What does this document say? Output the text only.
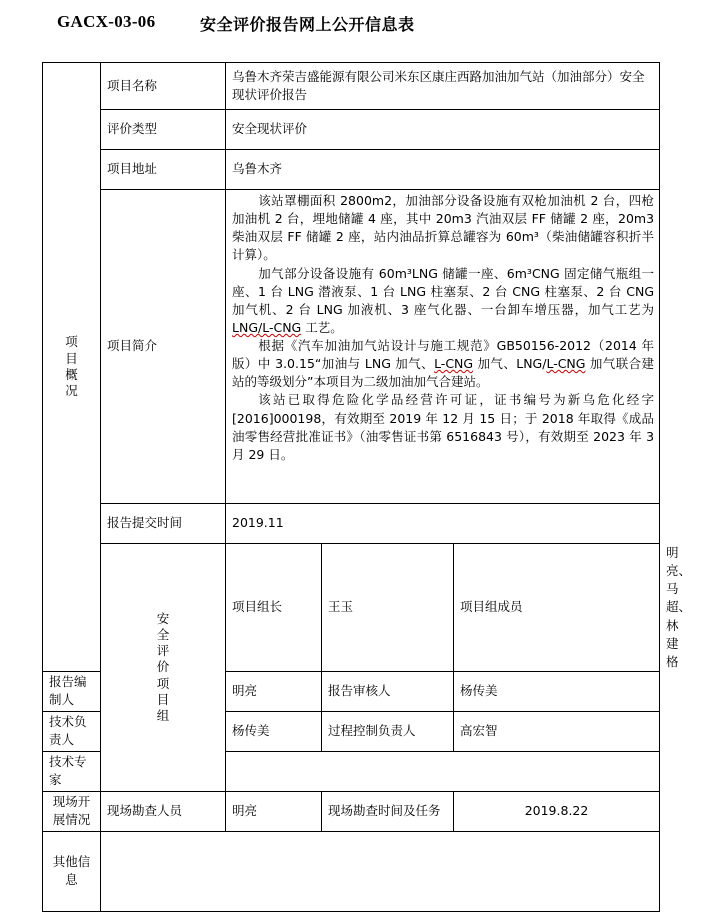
GACX-03-06	安全评价报告网上公开信息表
项目概况	项目名称	乌鲁木齐荣吉盛能源有限公司米东区康庄西路加油加气站（加油部分）安全现状评价报告			
	评价类型	安全现状评价			
	项目地址	乌鲁木齐			
	项目简介	该站罩棚面积 2800m2，加油部分设备设施有双枪加油机 2 台，四枪加油机 2 台，埋地储罐 4 座，其中 20m3 汽油双层 FF 储罐 2 座，20m3 柴油双层 FF 储罐 2 座，站内油品折算总罐容为 60m³（柴油储罐容积折半计算）。

加气部分设备设施有 60m³LNG 储罐一座、6m³CNG 固定储气瓶组一座、1 台 LNG 潜液泵、1 台 LNG 柱塞泵、2 台 CNG 柱塞泵、2 台 CNG 加气机、2 台 LNG 加液机、3 座气化器、一台卸车增压器，加气工艺为 LNG/L-CNG 工艺。

根据《汽车加油加气站设计与施工规范》GB50156-2012（2014 年版）中 3.0.15“加油与 LNG 加气、L-CNG 加气、LNG/L-CNG 加气联合建站的等级划分”本项目为二级加油加气合建站。

该站已取得危险化学品经营许可证，证书编号为新乌危化经字[2016]000198，有效期至 2019 年 12 月 15 日；于 2018 年取得《成品油零售经营批准证书》（油零售证书第 6516843 号），有效期至 2023 年 3 月 29 日。			

	报告提交时间	2019.11			

	安全评价项目组	项目组长	王玉	项目组成员	明亮、马超、林建格
报告编制人		明亮	报告审核人	杨传美	
技术负责人		杨传美	过程控制负责人	高宏智	
技术专家					

现场开展情况	现场勘查人员	明亮	现场勘查时间及任务	2019.8.22	

其他信息					
